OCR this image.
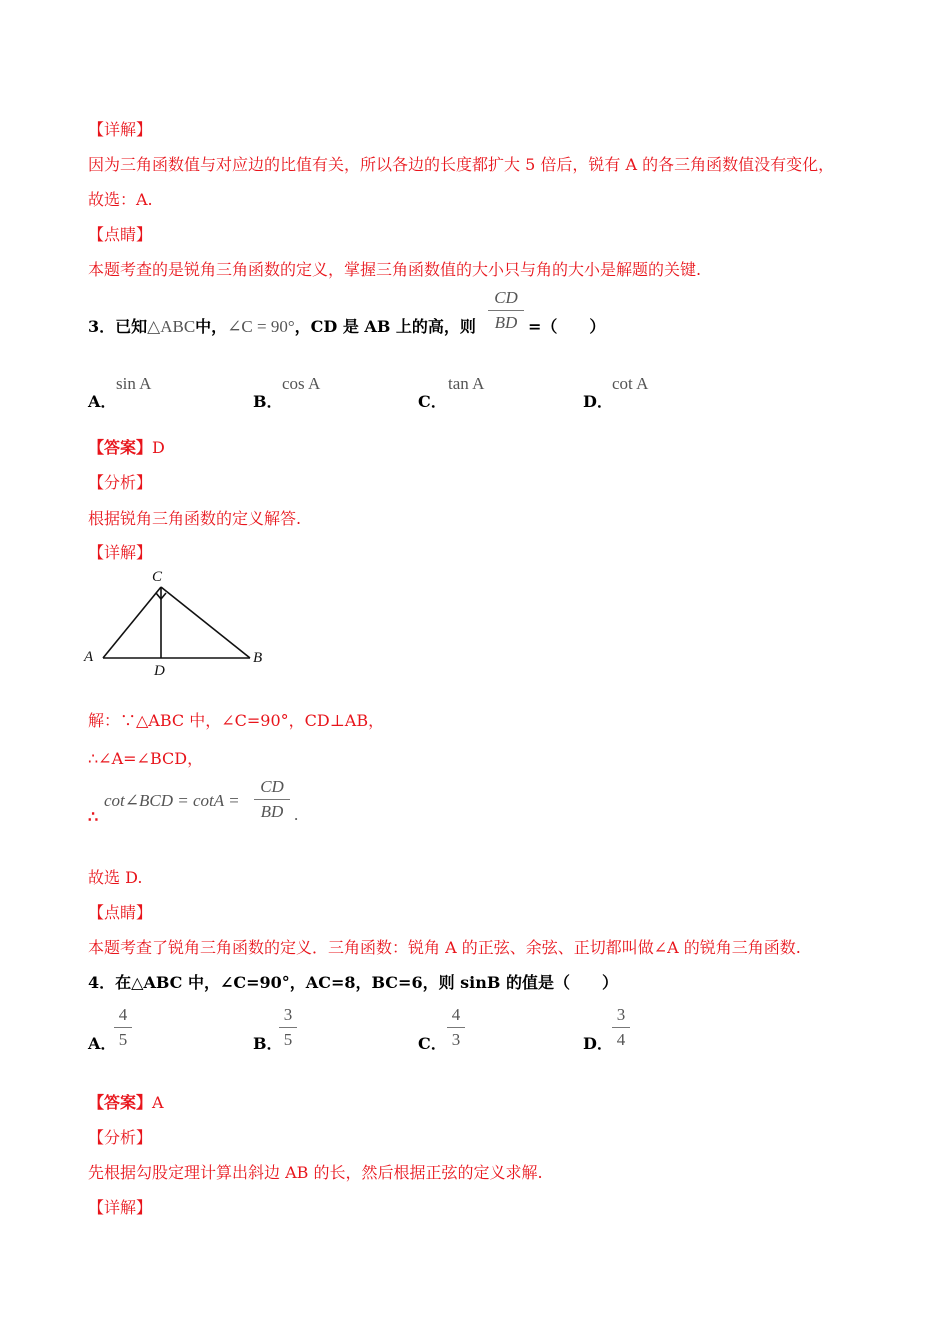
【详解】
因为三角函数值与对应边的比值有关，所以各边的长度都扩大 5 倍后，锐有 A 的各三角函数值没有变化，
故选：A.
【点睛】
本题考查的是锐角三角函数的定义，掌握三角函数值的大小只与角的大小是解题的关键.
3．已知△ABC中，∠C = 90°，CD 是 AB 上的高，则
CD
BD =（　　）
A．
sin A
B．
cos A
C．
tan A
D．
cot A
【答案】D
【分析】
根据锐角三角函数的定义解答.
【详解】
A	B
C
D
解：∵△ABC 中，∠C=90°，CD⊥AB，
∴∠A=∠BCD，
∴
cot∠BCD = cotA =
CD
BD .
故选 D.
【点睛】
本题考查了锐角三角函数的定义．三角函数：锐角 A 的正弦、余弦、正切都叫做∠A 的锐角三角函数.
4．在△ABC 中，∠C=90°，AC=8，BC=6，则 sinB 的值是（　　）
A．
4
5	B．
3
5	C．
4
3	D．
3
4
【答案】A
【分析】
先根据勾股定理计算出斜边 AB 的长，然后根据正弦的定义求解.
【详解】
